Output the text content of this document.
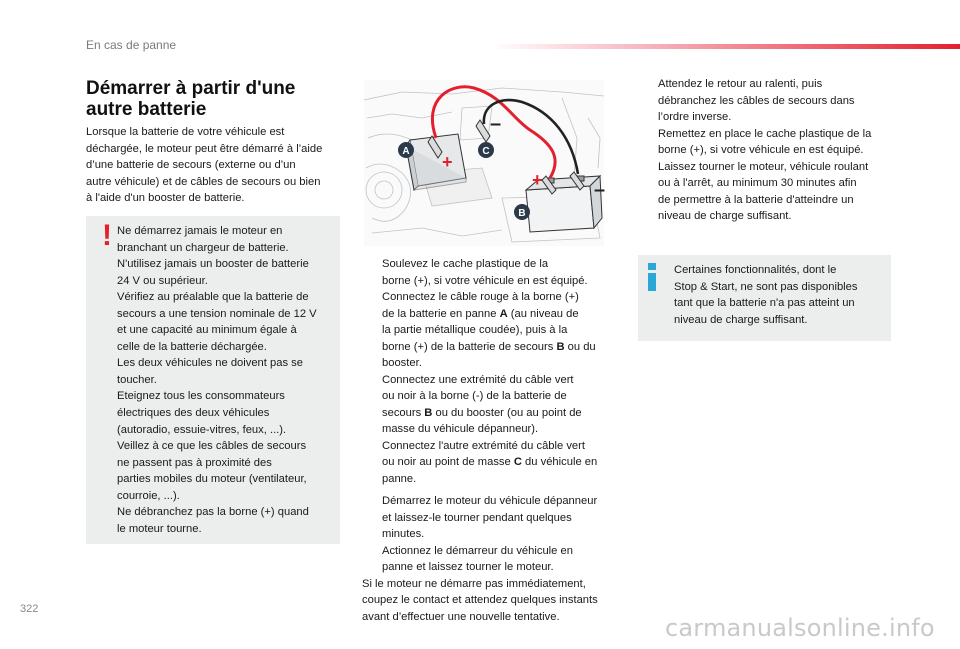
En cas de panne
Démarrer à partir d'une
autre batterie
Lorsque la batterie de votre véhicule est
déchargée, le moteur peut être démarré à l’aide
d’une batterie de secours (externe ou d’un
autre véhicule) et de câbles de secours ou bien
à l'aide d'un booster de batterie.
! Ne démarrez jamais le moteur en
branchant un chargeur de batterie.
N'utilisez jamais un booster de batterie
24 V ou supérieur.
Vérifiez au préalable que la batterie de
secours a une tension nominale de 12 V
et une capacité au minimum égale à
celle de la batterie déchargée.
Les deux véhicules ne doivent pas se
toucher.
Eteignez tous les consommateurs
électriques des deux véhicules
(autoradio, essuie-vitres, feux, ...).
Veillez à ce que les câbles de secours
ne passent pas à proximité des
parties mobiles du moteur (ventilateur,
courroie, ...).
Ne débranchez pas la borne (+) quand
le moteur tourne.
+
–
+	–
A	C
B
Soulevez le cache plastique de la
borne (+), si votre véhicule en est équipé.
Connectez le câble rouge à la borne (+)
de la batterie en panne A (au niveau de
la partie métallique coudée), puis à la
borne (+) de la batterie de secours B ou du
booster.
Connectez une extrémité du câble vert
ou noir à la borne (-) de la batterie de
secours B ou du booster (ou au point de
masse du véhicule dépanneur).
Connectez l'autre extrémité du câble vert
ou noir au point de masse C du véhicule en
panne.
Démarrez le moteur du véhicule dépanneur
et laissez-le tourner pendant quelques
minutes.
Actionnez le démarreur du véhicule en
panne et laissez tourner le moteur.
Si le moteur ne démarre pas immédiatement,
coupez le contact et attendez quelques instants
avant d’effectuer une nouvelle tentative.
Attendez le retour au ralenti, puis
débranchez les câbles de secours dans
l’ordre inverse.
Remettez en place le cache plastique de la
borne (+), si votre véhicule en est équipé.
Laissez tourner le moteur, véhicule roulant
ou à l'arrêt, au minimum 30 minutes afin
de permettre à la batterie d'atteindre un
niveau de charge suffisant.
Certaines fonctionnalités, dont le
Stop & Start, ne sont pas disponibles
tant que la batterie n'a pas atteint un
niveau de charge suffisant.
322
carmanualsonline.info
